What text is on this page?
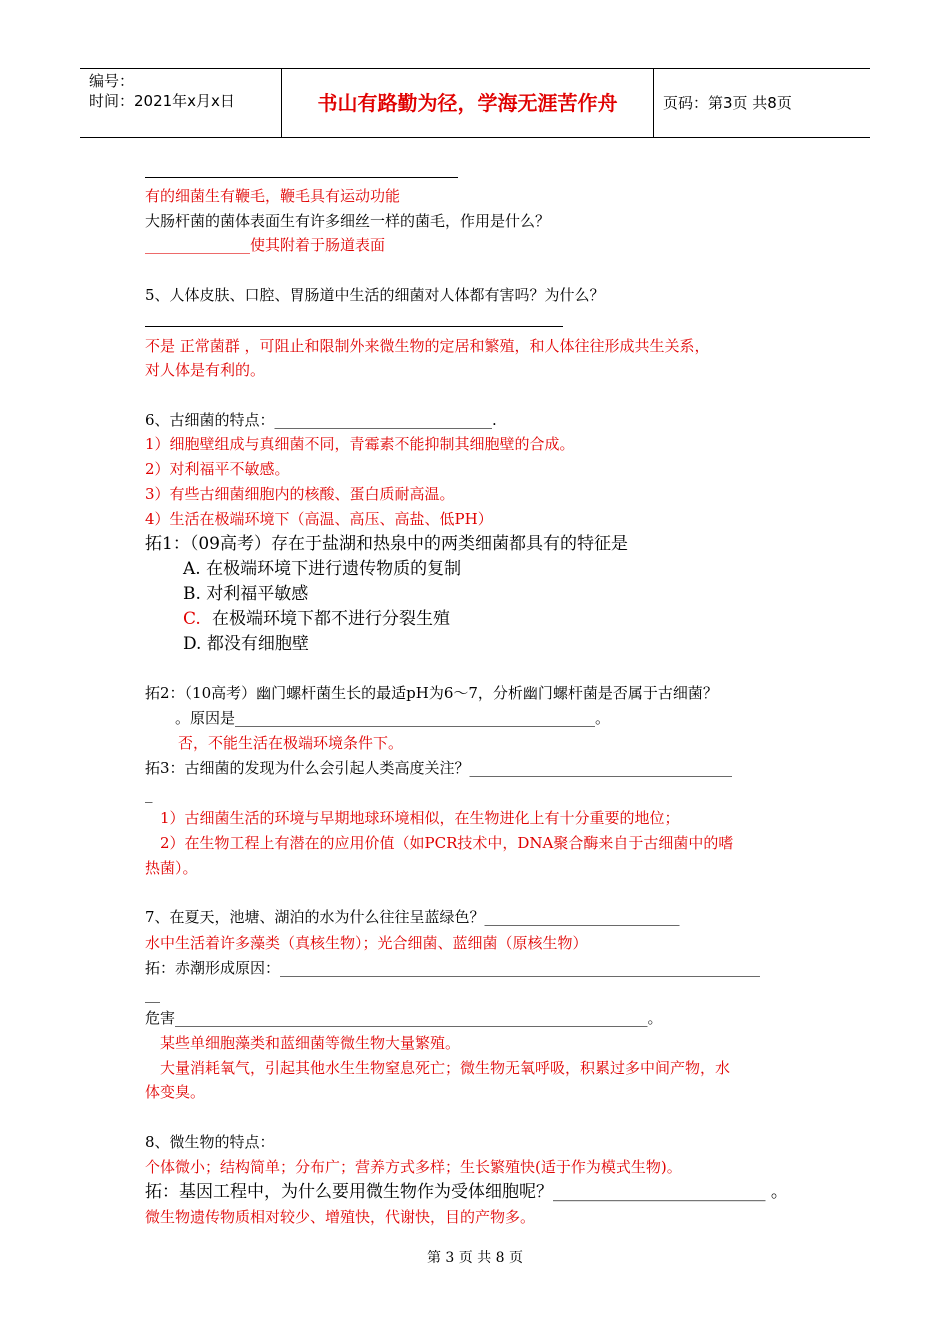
编号：
时间：2021年x月x日	书山有路勤为径，学海无涯苦作舟	页码：第3页 共8页
有的细菌生有鞭毛，鞭毛具有运动功能
大肠杆菌的菌体表面生有许多细丝一样的菌毛，作用是什么？
______________使其附着于肠道表面
5、人体皮肤、口腔、胃肠道中生活的细菌对人体都有害吗？为什么？
不是 正常菌群 ，可阻止和限制外来微生物的定居和繁殖，和人体往往形成共生关系，
对人体是有利的。
6、古细菌的特点：_____________________________.
1）细胞壁组成与真细菌不同，青霉素不能抑制其细胞壁的合成。
2）对利福平不敏感。
3）有些古细菌细胞内的核酸、蛋白质耐高温。
4）生活在极端环境下（高温、高压、高盐、低PH）
拓1：（09高考）存在于盐湖和热泉中的两类细菌都具有的特征是
A. 在极端环境下进行遗传物质的复制
B. 对利福平敏感
C. 在极端环境下都不进行分裂生殖
D. 都没有细胞壁
拓2：（10高考）幽门螺杆菌生长的最适pH为6～7，分析幽门螺杆菌是否属于古细菌？
。原因是________________________________________________。
否，不能生活在极端环境条件下。
拓3：古细菌的发现为什么会引起人类高度关注？___________________________________
_
1）古细菌生活的环境与早期地球环境相似，在生物进化上有十分重要的地位；
2）在生物工程上有潜在的应用价值（如PCR技术中，DNA聚合酶来自于古细菌中的嗜
热菌）。
7、在夏天，池塘、湖泊的水为什么往往呈蓝绿色？__________________________
水中生活着许多藻类（真核生物）；光合细菌、蓝细菌（原核生物）
拓：赤潮形成原因：________________________________________________________________
__
危害_______________________________________________________________。
某些单细胞藻类和蓝细菌等微生物大量繁殖。
大量消耗氧气，引起其他水生生物窒息死亡；微生物无氧呼吸，积累过多中间产物，水
体变臭。
8、微生物的特点：
个体微小；结构简单；分布广；营养方式多样；生长繁殖快(适于作为模式生物)。
拓：基因工程中，为什么要用微生物作为受体细胞呢？_________________________ 。
微生物遗传物质相对较少、增殖快，代谢快，目的产物多。
第 3 页 共 8 页
